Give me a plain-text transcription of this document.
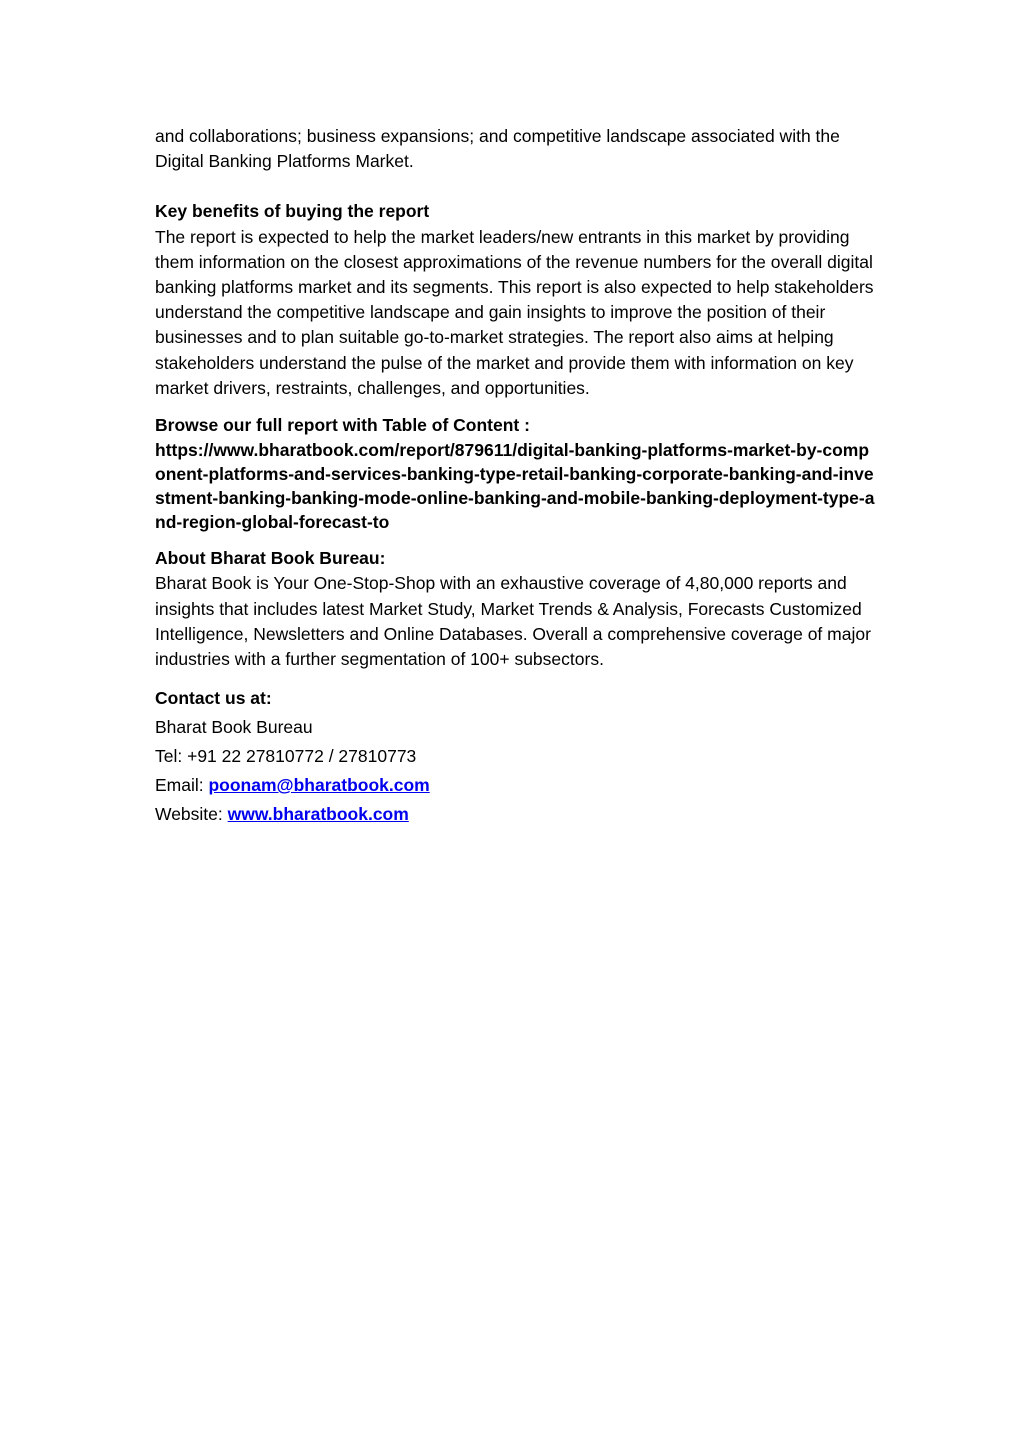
and collaborations; business expansions; and competitive landscape associated with the Digital Banking Platforms Market.

Key benefits of buying the report

The report is expected to help the market leaders/new entrants in this market by providing them information on the closest approximations of the revenue numbers for the overall digital banking platforms market and its segments. This report is also expected to help stakeholders understand the competitive landscape and gain insights to improve the position of their businesses and to plan suitable go-to-market strategies. The report also aims at helping stakeholders understand the pulse of the market and provide them with information on key market drivers, restraints, challenges, and opportunities.

Browse our full report with Table of Content :

https://www.bharatbook.com/report/879611/digital-banking-platforms-market-by-component-platforms-and-services-banking-type-retail-banking-corporate-banking-and-investment-banking-banking-mode-online-banking-and-mobile-banking-deployment-type-and-region-global-forecast-to

About Bharat Book Bureau:

Bharat Book is Your One-Stop-Shop with an exhaustive coverage of 4,80,000 reports and insights that includes latest Market Study, Market Trends & Analysis, Forecasts Customized Intelligence, Newsletters and Online Databases. Overall a comprehensive coverage of major industries with a further segmentation of 100+ subsectors.

Contact us at:

Bharat Book Bureau

Tel: +91 22 27810772 / 27810773

Email: poonam@bharatbook.com

Website: www.bharatbook.com
